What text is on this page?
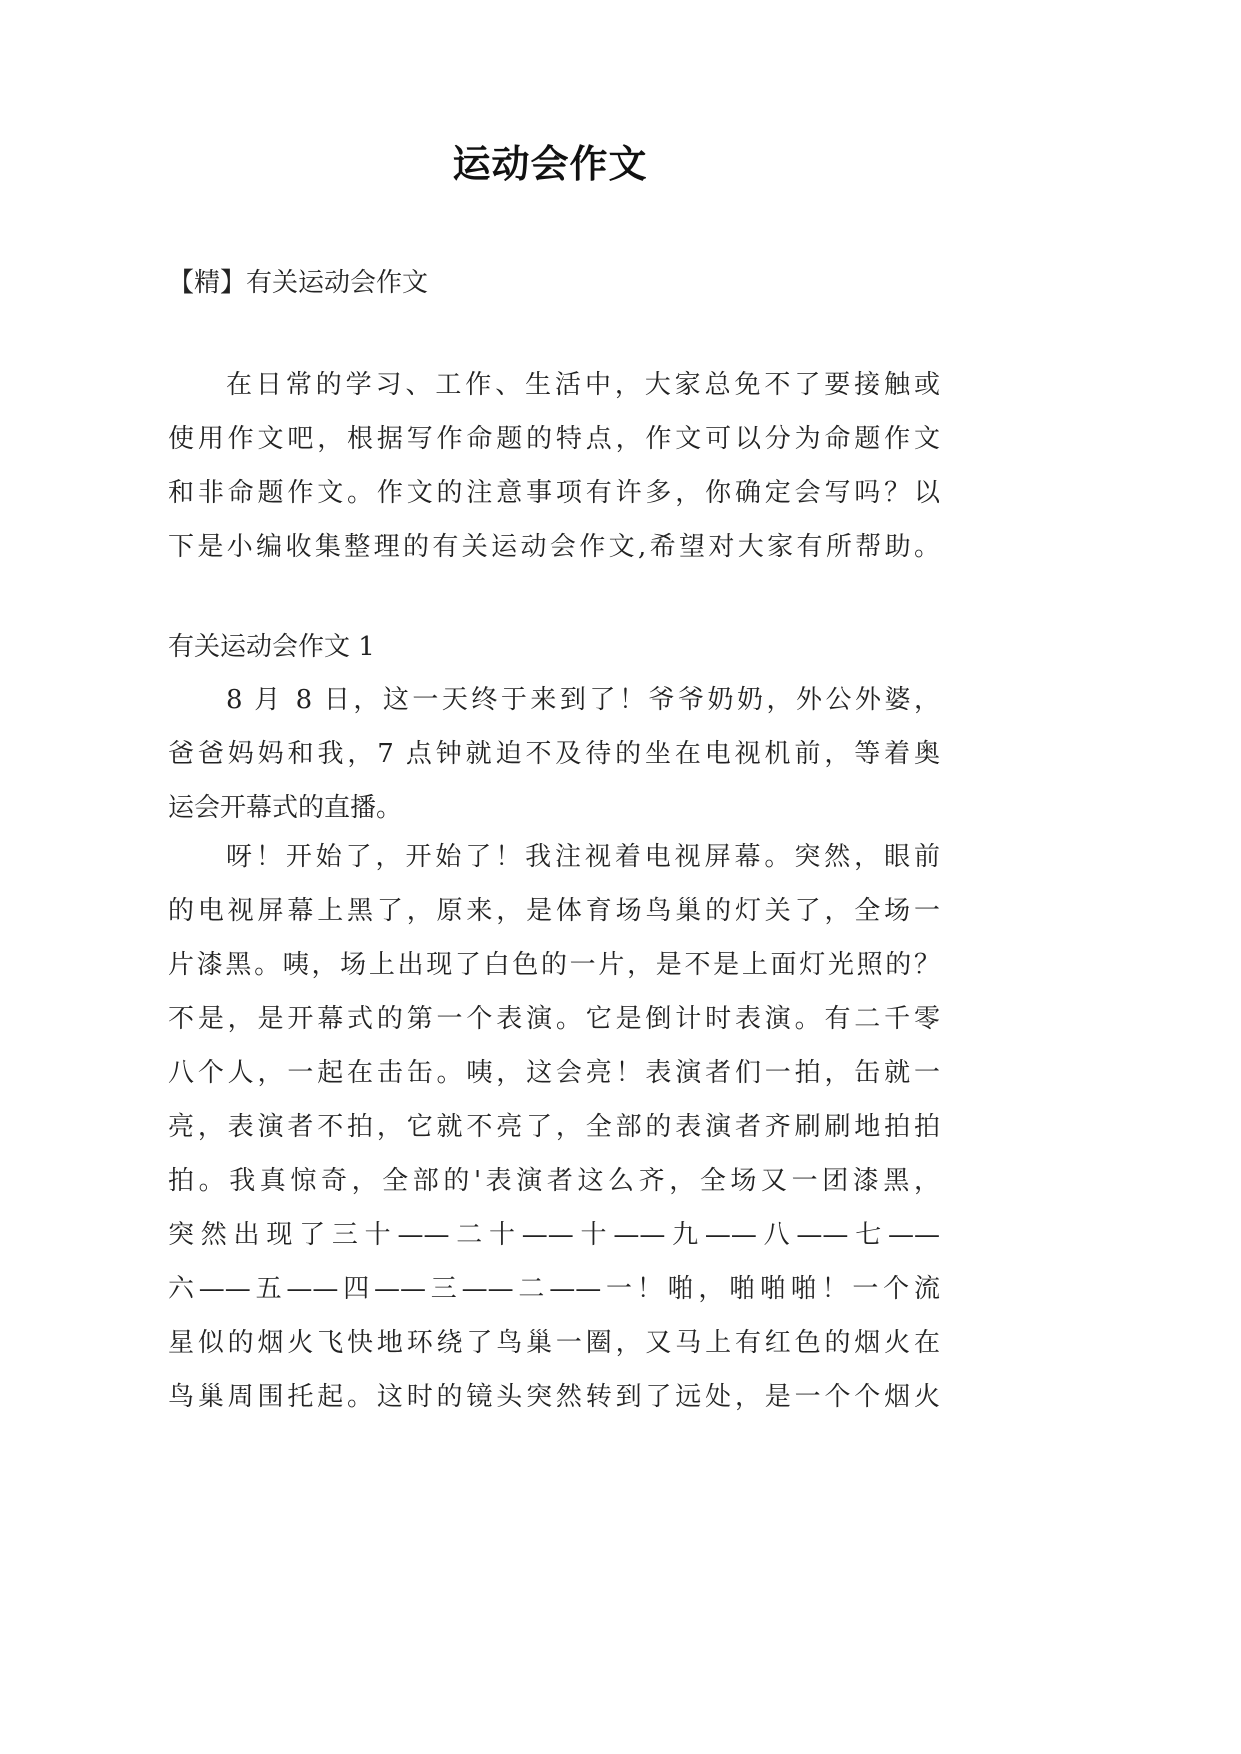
运动会作文
【精】有关运动会作文
在日常的学习、工作、生活中，大家总免不了要接触或
使用作文吧，根据写作命题的特点，作文可以分为命题作文
和非命题作文。作文的注意事项有许多，你确定会写吗？以
下是小编收集整理的有关运动会作文,希望对大家有所帮助。
有关运动会作文 1
8 月 8 日，这一天终于来到了！爷爷奶奶，外公外婆，
爸爸妈妈和我，7 点钟就迫不及待的坐在电视机前，等着奥
运会开幕式的直播。
呀！开始了，开始了！我注视着电视屏幕。突然，眼前
的电视屏幕上黑了，原来，是体育场鸟巢的灯关了，全场一
片漆黑。咦，场上出现了白色的一片，是不是上面灯光照的？
不是，是开幕式的第一个表演。它是倒计时表演。有二千零
八个人，一起在击缶。咦，这会亮！表演者们一拍，缶就一
亮，表演者不拍，它就不亮了，全部的表演者齐刷刷地拍拍
拍。我真惊奇，全部的'表演者这么齐，全场又一团漆黑，
突然出现了三十——二十——十——九——八——七——
六——五——四——三——二——一！啪，啪啪啪！一个流
星似的烟火飞快地环绕了鸟巢一圈，又马上有红色的烟火在
鸟巢周围托起。这时的镜头突然转到了远处，是一个个烟火
